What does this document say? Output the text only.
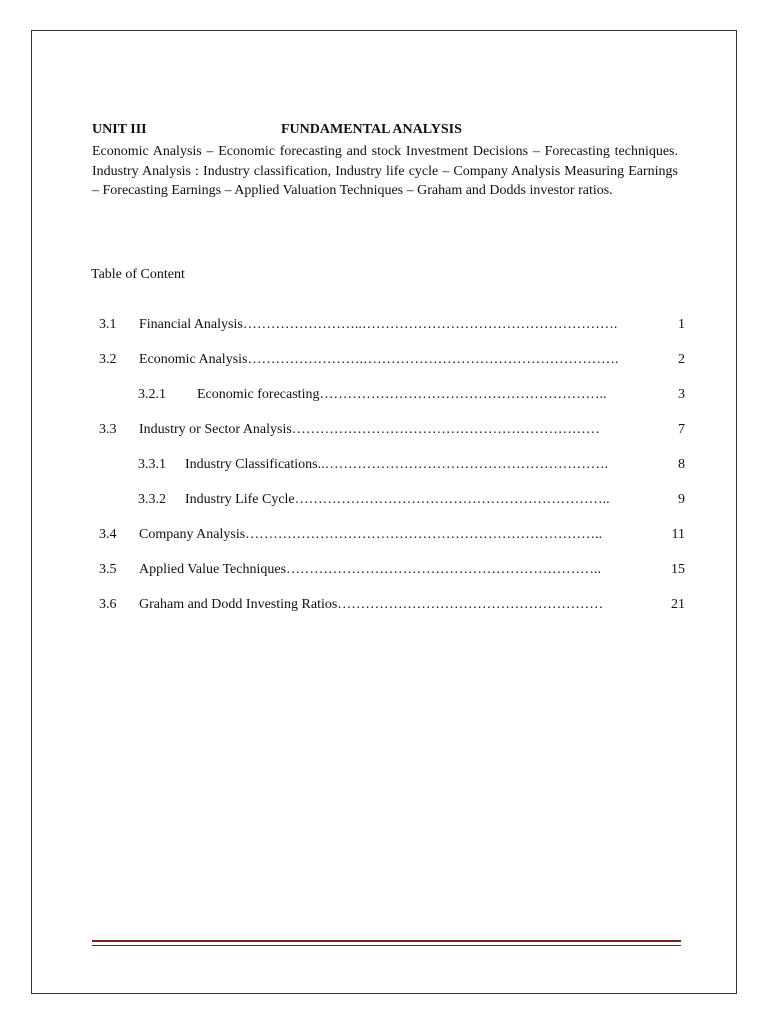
UNIT III	FUNDAMENTAL ANALYSIS
Economic Analysis – Economic forecasting and stock Investment Decisions – Forecasting techniques. Industry Analysis : Industry classification, Industry life cycle – Company Analysis Measuring Earnings – Forecasting Earnings – Applied Valuation Techniques – Graham and Dodds investor ratios.
Table of Content
3.1 Financial Analysis……………………..……………………………………………….	1
3.2 Economic Analysis…………………….……………………………………………….	2
3.2.1 Economic forecasting……………………………………………………..	3
3.3 Industry or Sector Analysis…………………………………………………………	7
3.3.1 Industry Classifications..…………………………………………………….	8
3.3.2 Industry Life Cycle…………………………………………………………..	9
3.4 Company Analysis…………………………………………………………………..	11
3.5 Applied Value Techniques…………………………………………………………..	15
3.6 Graham and Dodd Investing Ratios…………………………………………………	21
